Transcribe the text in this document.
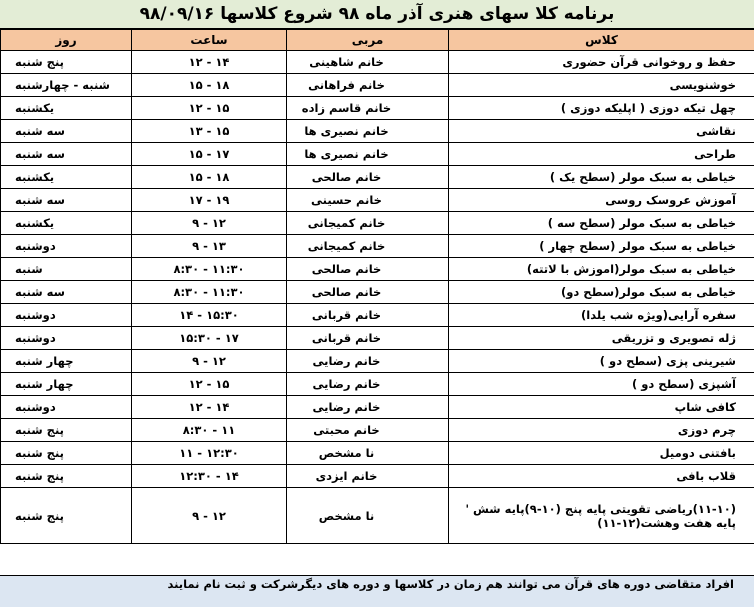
برنامه کلا سهای هنری آذر ماه ۹۸ شروع کلاسها ۹۸/۰۹/۱۶
کلاس	مربی	ساعت	روز
حفظ و روخوانی قرآن حضوری	خانم شاهینی	۱۴ - ۱۲	پنج شنبه
خوشنویسی	خانم فراهانی	۱۸ - ۱۵	شنبه - چهارشنبه
چهل تیکه دوزی ( اپلیکه دوزی )	خانم قاسم زاده	۱۵ - ۱۲	یکشنبه
نقاشی	خانم نصیری ها	۱۵ - ۱۳	سه شنبه
طراحی	خانم نصیری ها	۱۷ - ۱۵	سه شنبه
خیاطی به سبک مولر (سطح یک )	خانم صالحی	۱۸ - ۱۵	یکشنبه
آموزش عروسک روسی	خانم حسینی	۱۹ - ۱۷	سه شنبه
خیاطی به سبک مولر (سطح سه )	خانم کمیجانی	۱۲ - ۹	یکشنبه
خیاطی به سبک مولر (سطح چهار )	خانم کمیجانی	۱۳ - ۹	دوشنبه
خیاطی به سبک مولر(اموزش با لاتته)	خانم صالحی	۱۱:۳۰ - ۸:۳۰	شنبه
خیاطی به سبک مولر(سطح دو)	خانم صالحی	۱۱:۳۰ - ۸:۳۰	سه شنبه
سفره آرایی(ویژه شب یلدا)	خانم قربانی	۱۵:۳۰ - ۱۴	دوشنبه
ژله تصویری و تزریقی	خانم قربانی	۱۷ - ۱۵:۳۰	دوشنبه
شیرینی پزی (سطح دو )	خانم رضایی	۱۲ - ۹	چهار شنبه
آشپزی (سطح دو )	خانم رضایی	۱۵ - ۱۲	چهار شنبه
کافی شاپ	خانم رضایی	۱۴ - ۱۲	دوشنبه
چرم دوزی	خانم محبتی	۱۱ - ۸:۳۰	پنج شنبه
بافتنی دومیل	نا مشخص	۱۲:۳۰ - ۱۱	پنج شنبه
قلاب بافی	خانم ایزدی	۱۴ - ۱۲:۳۰	پنج شنبه
(۱۱-۱۰)ریاضی تقویتی پایه پنج (۱۰-۹)پایه شش '
پایه هفت وهشت(۱۲-۱۱)	نا مشخص	۱۲ - ۹	پنج شنبه
افراد متقاضی دوره های قرآن می توانند هم زمان در کلاسها و دوره های دیگرشرکت و ثبت نام نمایند
